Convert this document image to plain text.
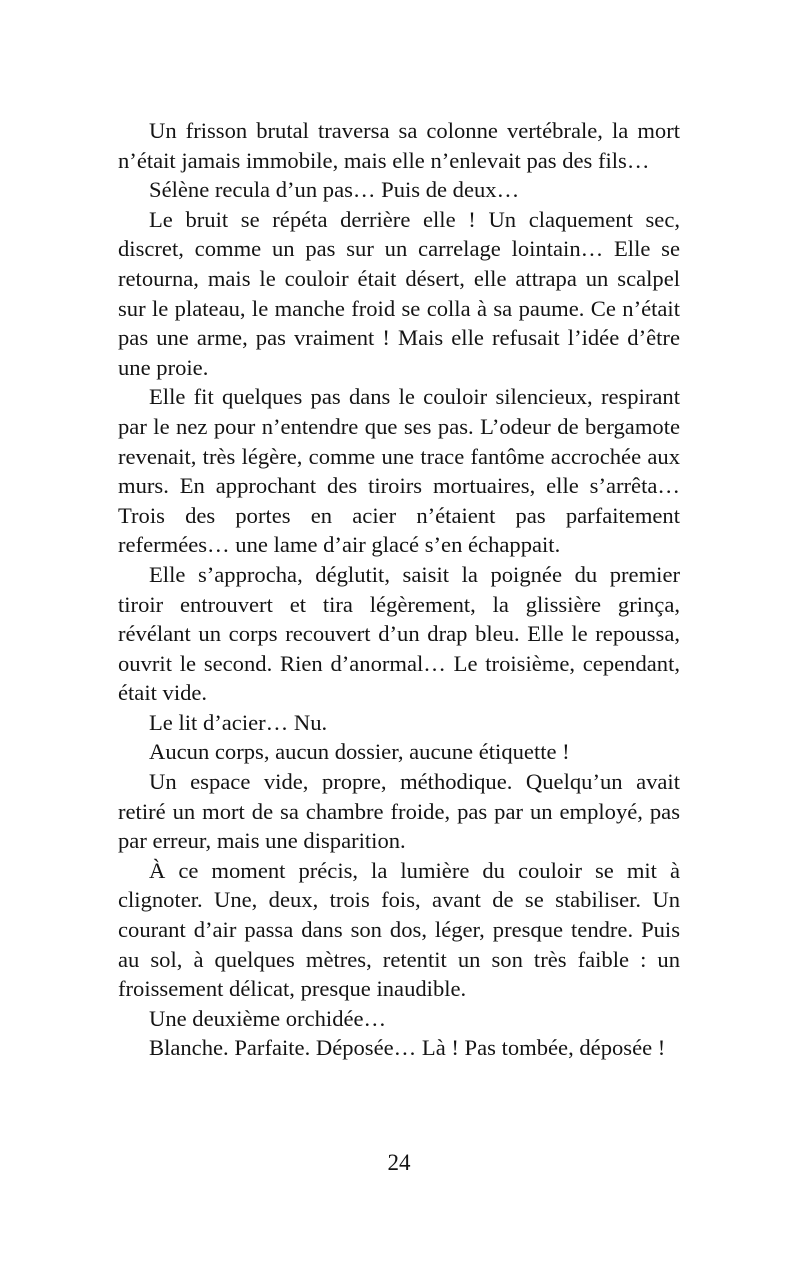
Un frisson brutal traversa sa colonne vertébrale, la mort n’était jamais immobile, mais elle n’enlevait pas des fils…

Sélène recula d’un pas… Puis de deux…

Le bruit se répéta derrière elle ! Un claquement sec, discret, comme un pas sur un carrelage lointain… Elle se retourna, mais le couloir était désert, elle attrapa un scalpel sur le plateau, le manche froid se colla à sa paume. Ce n’était pas une arme, pas vraiment ! Mais elle refusait l’idée d’être une proie.

Elle fit quelques pas dans le couloir silencieux, respirant par le nez pour n’entendre que ses pas. L’odeur de bergamote revenait, très légère, comme une trace fantôme accrochée aux murs. En approchant des tiroirs mortuaires, elle s’arrêta… Trois des portes en acier n’étaient pas parfaitement refermées… une lame d’air glacé s’en échappait.

Elle s’approcha, déglutit, saisit la poignée du premier tiroir entrouvert et tira légèrement, la glissière grinça, révélant un corps recouvert d’un drap bleu. Elle le repoussa, ouvrit le second. Rien d’anormal… Le troisième, cependant, était vide.

Le lit d’acier… Nu.

Aucun corps, aucun dossier, aucune étiquette !

Un espace vide, propre, méthodique. Quelqu’un avait retiré un mort de sa chambre froide, pas par un employé, pas par erreur, mais une disparition.

À ce moment précis, la lumière du couloir se mit à clignoter. Une, deux, trois fois, avant de se stabiliser. Un courant d’air passa dans son dos, léger, presque tendre. Puis au sol, à quelques mètres, retentit un son très faible : un froissement délicat, presque inaudible.

Une deuxième orchidée…

Blanche. Parfaite. Déposée… Là ! Pas tombée, déposée !

24
